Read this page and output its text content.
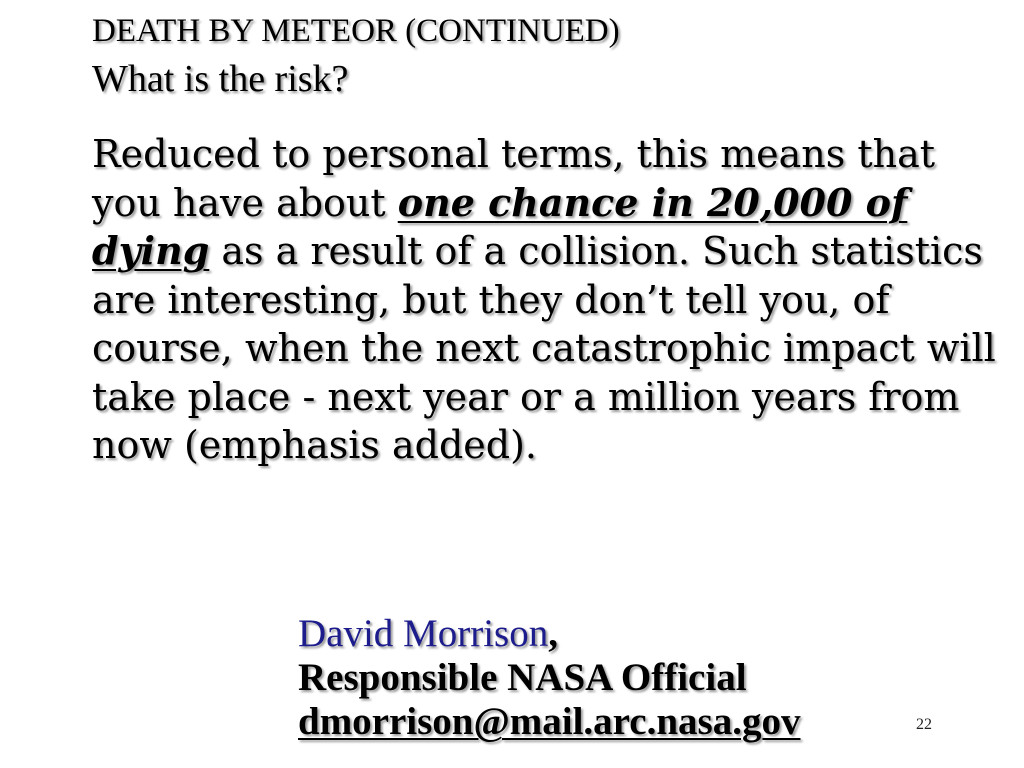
DEATH BY METEOR (CONTINUED)
What is the risk?
Reduced to personal terms, this means that you have about one chance in 20,000 of dying as a result of a collision. Such statistics are interesting, but they don’t tell you, of course, when the next catastrophic impact will take place - next year or a million years from now (emphasis added).
David Morrison,
Responsible NASA Official
dmorrison@mail.arc.nasa.gov	22
